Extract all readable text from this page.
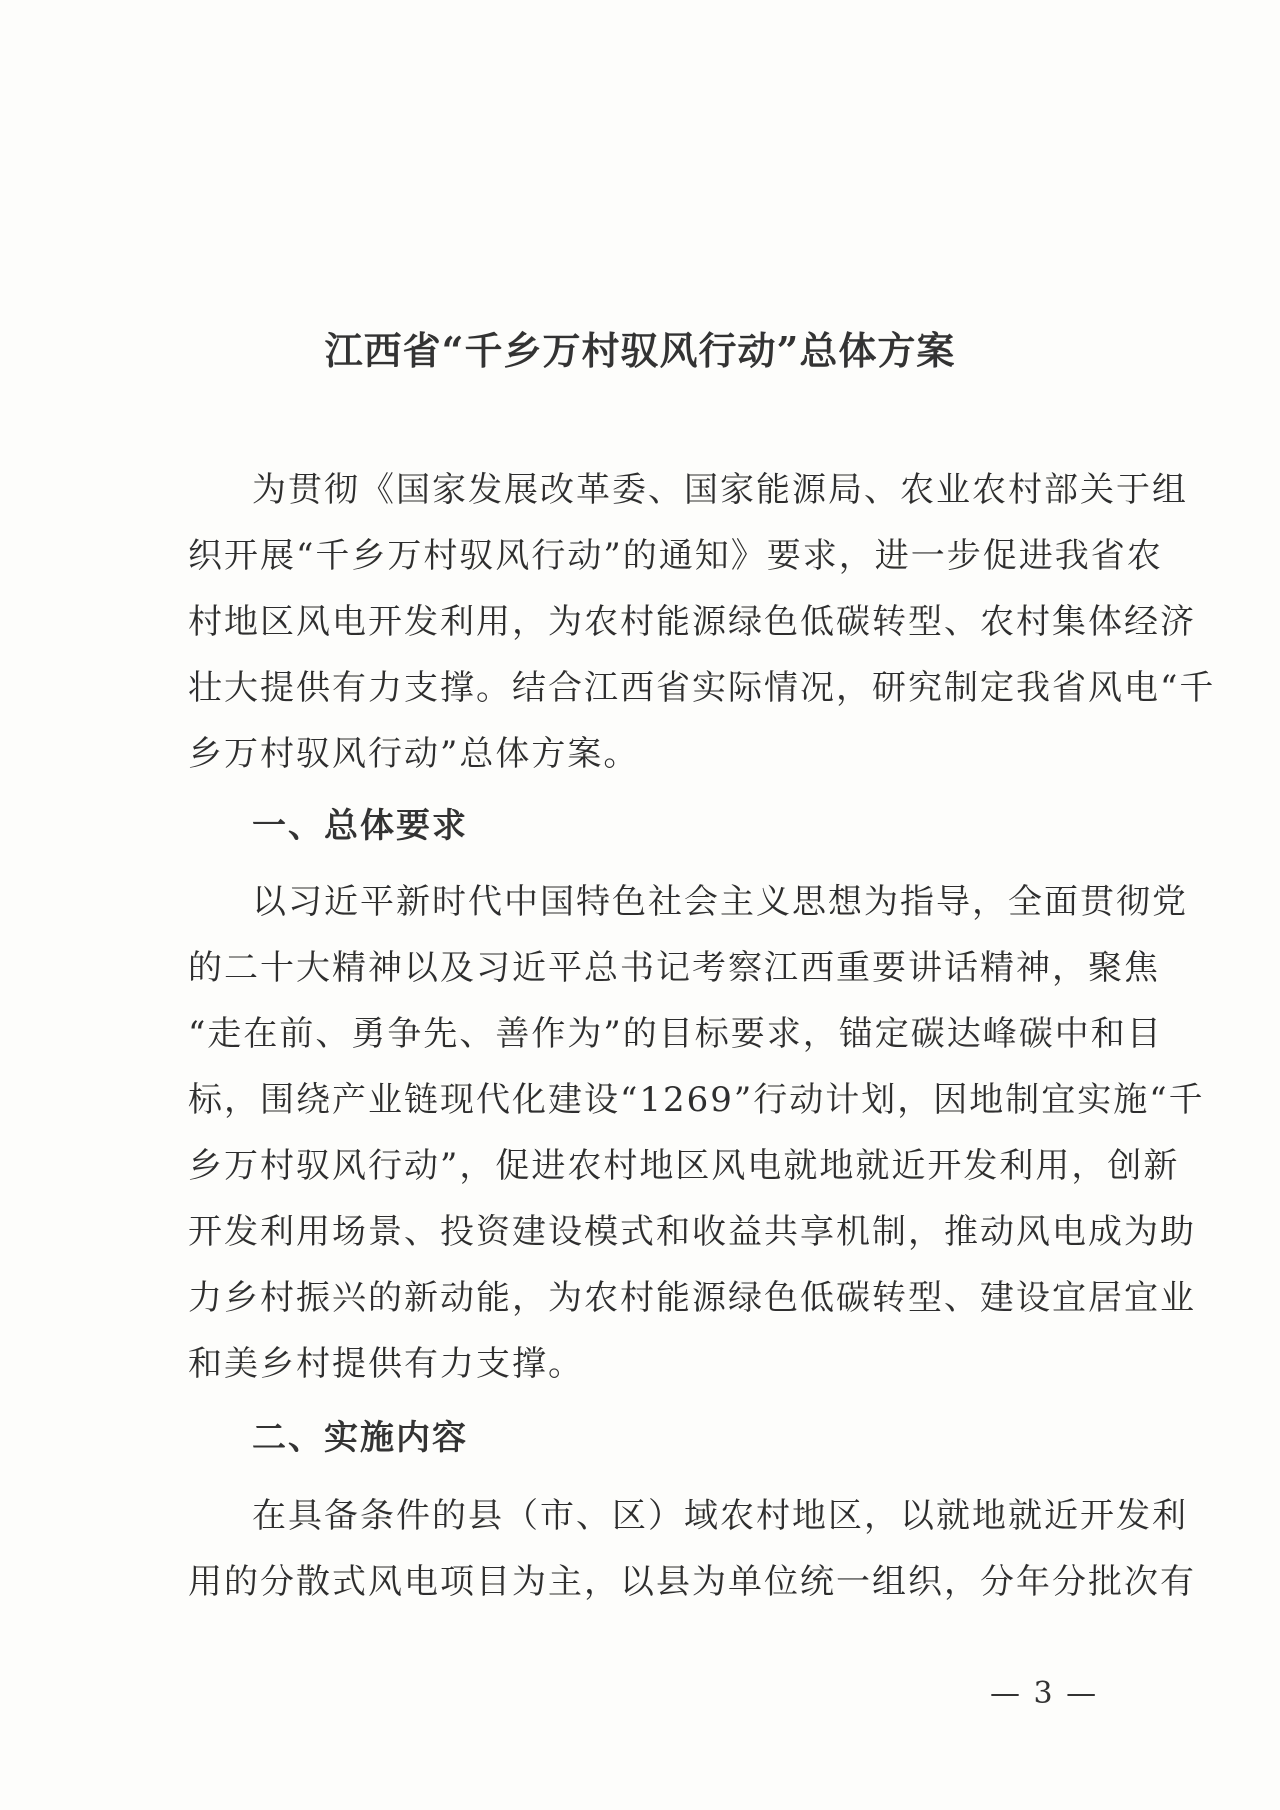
江西省“千乡万村驭风行动”总体方案
为贯彻《国家发展改革委、国家能源局、农业农村部关于组
织开展“千乡万村驭风行动”的通知》要求，进一步促进我省农
村地区风电开发利用，为农村能源绿色低碳转型、农村集体经济
壮大提供有力支撑。结合江西省实际情况，研究制定我省风电“千
乡万村驭风行动”总体方案。
一、总体要求
以习近平新时代中国特色社会主义思想为指导，全面贯彻党
的二十大精神以及习近平总书记考察江西重要讲话精神，聚焦
“走在前、勇争先、善作为”的目标要求，锚定碳达峰碳中和目
标，围绕产业链现代化建设“1269”行动计划，因地制宜实施“千
乡万村驭风行动”，促进农村地区风电就地就近开发利用，创新
开发利用场景、投资建设模式和收益共享机制，推动风电成为助
力乡村振兴的新动能，为农村能源绿色低碳转型、建设宜居宜业
和美乡村提供有力支撑。
二、实施内容
在具备条件的县（市、区）域农村地区，以就地就近开发利
用的分散式风电项目为主，以县为单位统一组织，分年分批次有
— 3 —
